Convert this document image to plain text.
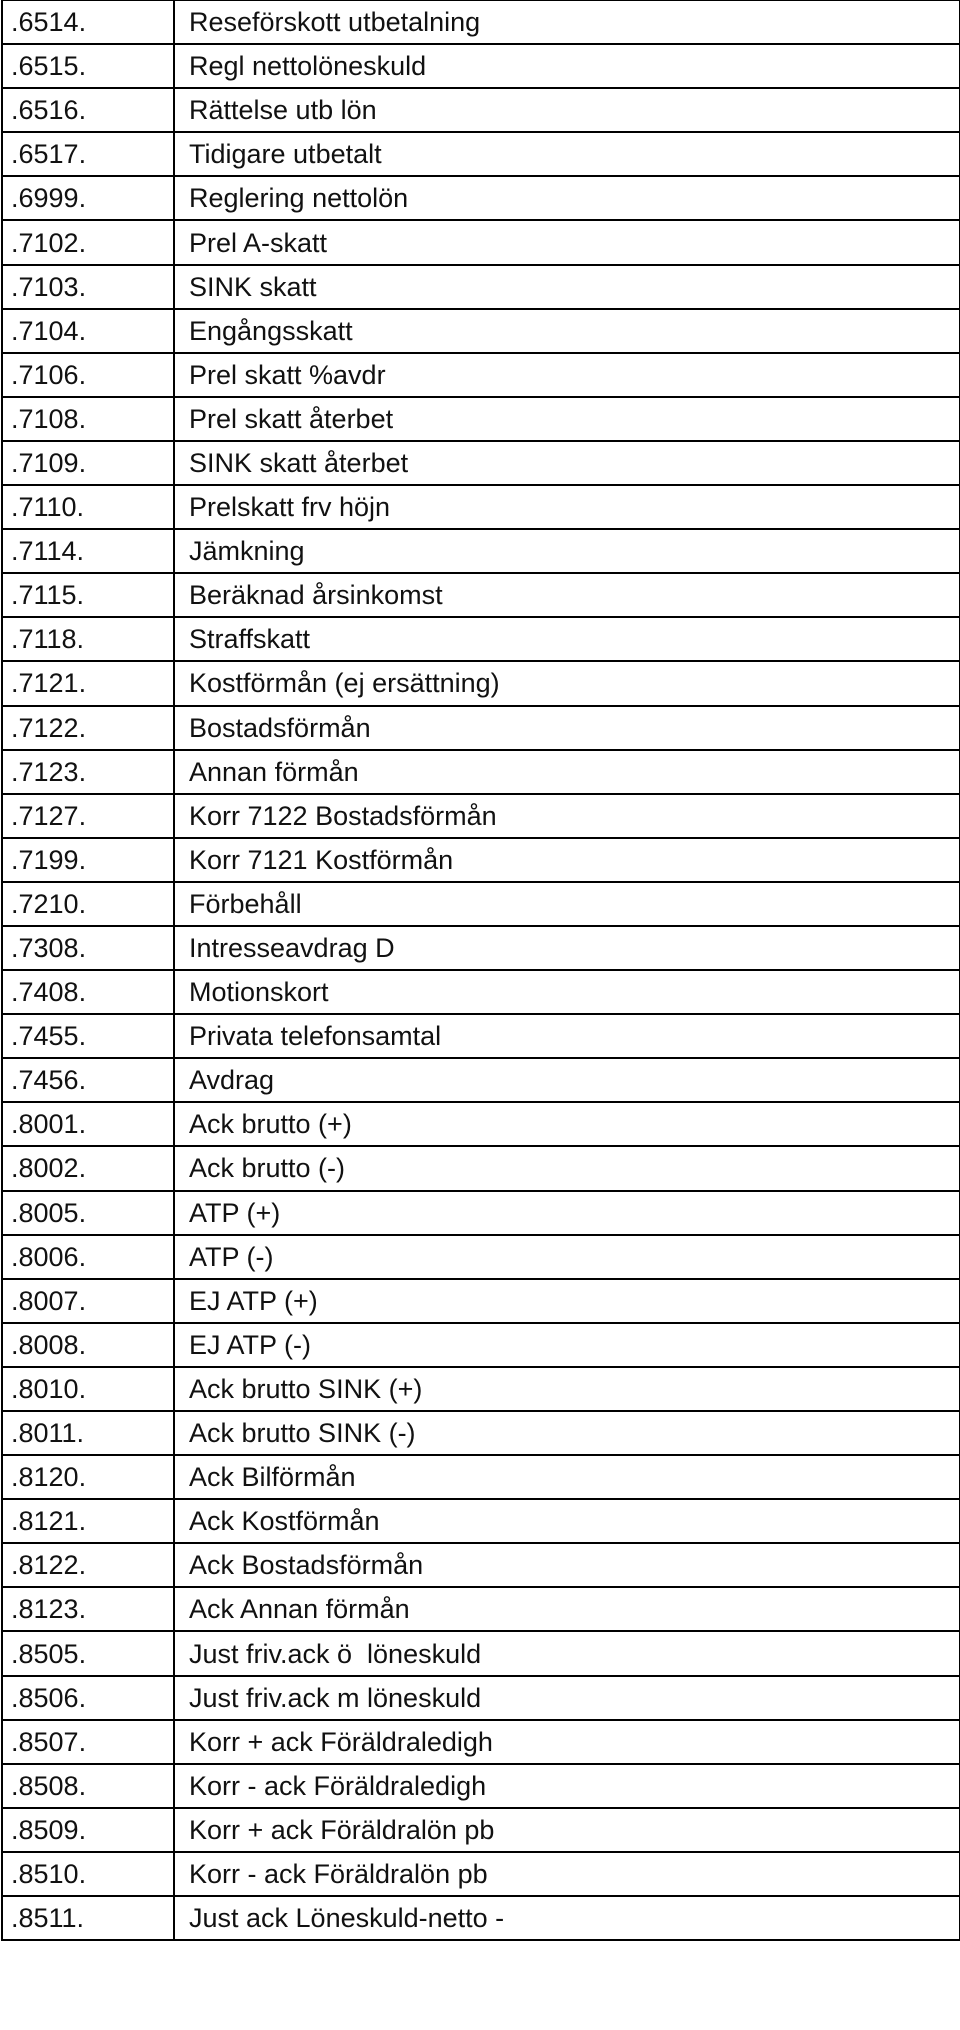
.6514.	Reseförskott utbetalning
.6515.	Regl nettolöneskuld
.6516.	Rättelse utb lön
.6517.	Tidigare utbetalt
.6999.	Reglering nettolön
.7102.	Prel A-skatt
.7103.	SINK skatt
.7104.	Engångsskatt
.7106.	Prel skatt %avdr
.7108.	Prel skatt återbet
.7109.	SINK skatt återbet
.7110.	Prelskatt frv höjn
.7114.	Jämkning
.7115.	Beräknad årsinkomst
.7118.	Straffskatt
.7121.	Kostförmån (ej ersättning)
.7122.	Bostadsförmån
.7123.	Annan förmån
.7127.	Korr 7122 Bostadsförmån
.7199.	Korr 7121 Kostförmån
.7210.	Förbehåll
.7308.	Intresseavdrag D
.7408.	Motionskort
.7455.	Privata telefonsamtal
.7456.	Avdrag
.8001.	Ack brutto (+)
.8002.	Ack brutto (-)
.8005.	ATP (+)
.8006.	ATP (-)
.8007.	EJ ATP (+)
.8008.	EJ ATP (-)
.8010.	Ack brutto SINK (+)
.8011.	Ack brutto SINK (-)
.8120.	Ack Bilförmån
.8121.	Ack Kostförmån
.8122.	Ack Bostadsförmån
.8123.	Ack Annan förmån
.8505.	Just friv.ack ö  löneskuld
.8506.	Just friv.ack m löneskuld
.8507.	Korr + ack Föräldraledigh
.8508.	Korr - ack Föräldraledigh
.8509.	Korr + ack Föräldralön pb
.8510.	Korr - ack Föräldralön pb
.8511.	Just ack Löneskuld-netto -
